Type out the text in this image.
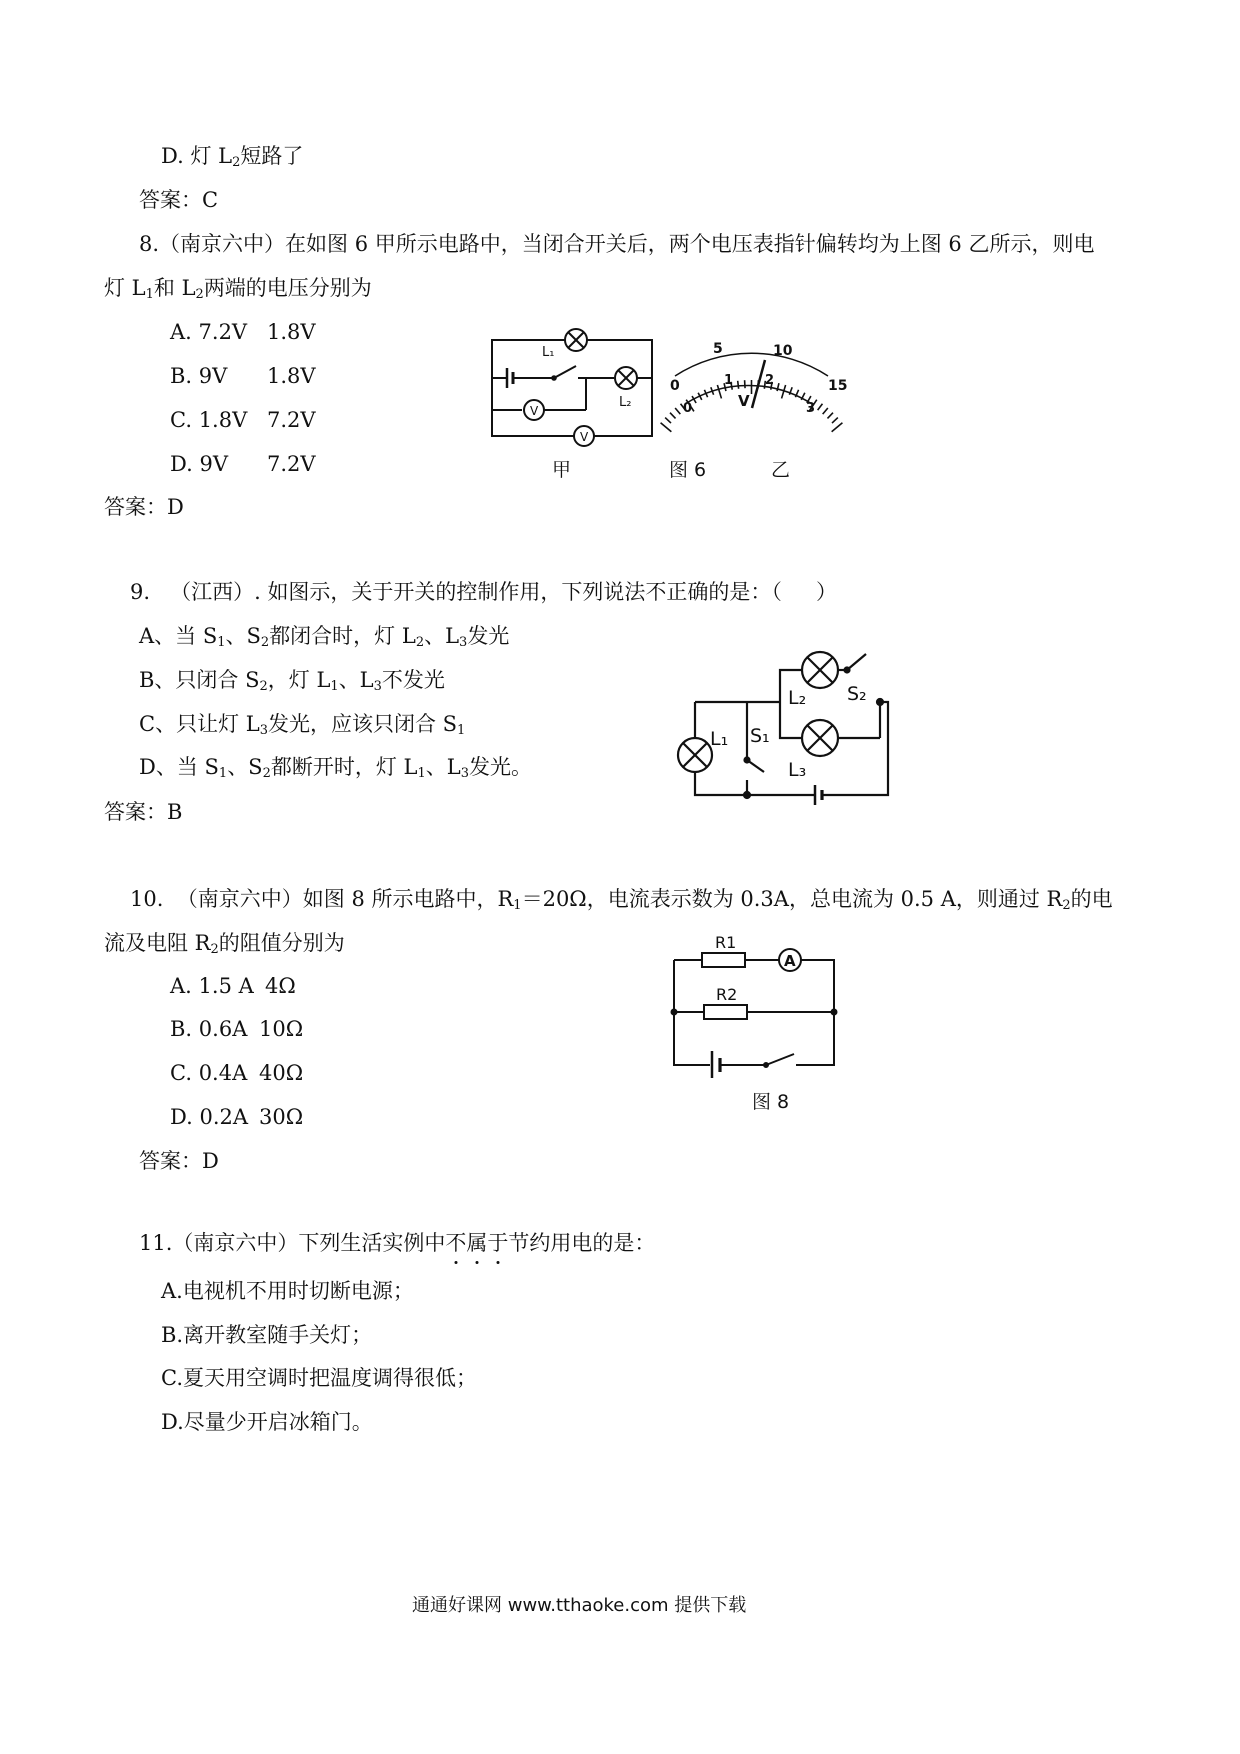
D. 灯 $L_2$短路了
答案：C
8.（南京六中）在如图 6 甲所示电路中，当闭合开关后，两个电压表指针偏转均为上图 6 乙所示，则电
灯 $L_1$和 $L_2$两端的电压分别为
A. 7.2V 1.8V
B. 9V 1.8V
C. 1.8V 7.2V
D. 9V 7.2V
答案：D
L₁
L₂
V
V
0
5	10
15
0
1 2
3
V
甲	图 6	乙
9. （江西）. 如图示，关于开关的控制作用，下列说法不正确的是：（ ）
A、当 $S_1$、$S_2$都闭合时，灯 $L_2$、$L_3$发光
B、只闭合 $S_2$，灯 $L_1$、$L_3$不发光
C、只让灯 $L_3$发光，应该只闭合 $S_1$
D、当 $S_1$、$S_2$都断开时，灯 $L_1$、$L_3$发光。
答案：B
L₁
L₂ S₂
S₁
L₃
10. （南京六中）如图 8 所示电路中，$R_1=20\Omega$，电流表示数为 0.3A，总电流为 0.5 A，则通过 $R_2$的电
流及电阻 $R_2$的阻值分别为
A. 1.5 A 4Ω
B. 0.6A 10Ω
C. 0.4A 40Ω
D. 0.2A 30Ω
答案：D
R1
R2
A
图 8
11.（南京六中）下列生活实例中不属于节约用电的是：
A.电视机不用时切断电源；
B.离开教室随手关灯；
C.夏天用空调时把温度调得很低；
D.尽量少开启冰箱门。
通通好课网 www.tthaoke.com 提供下载
